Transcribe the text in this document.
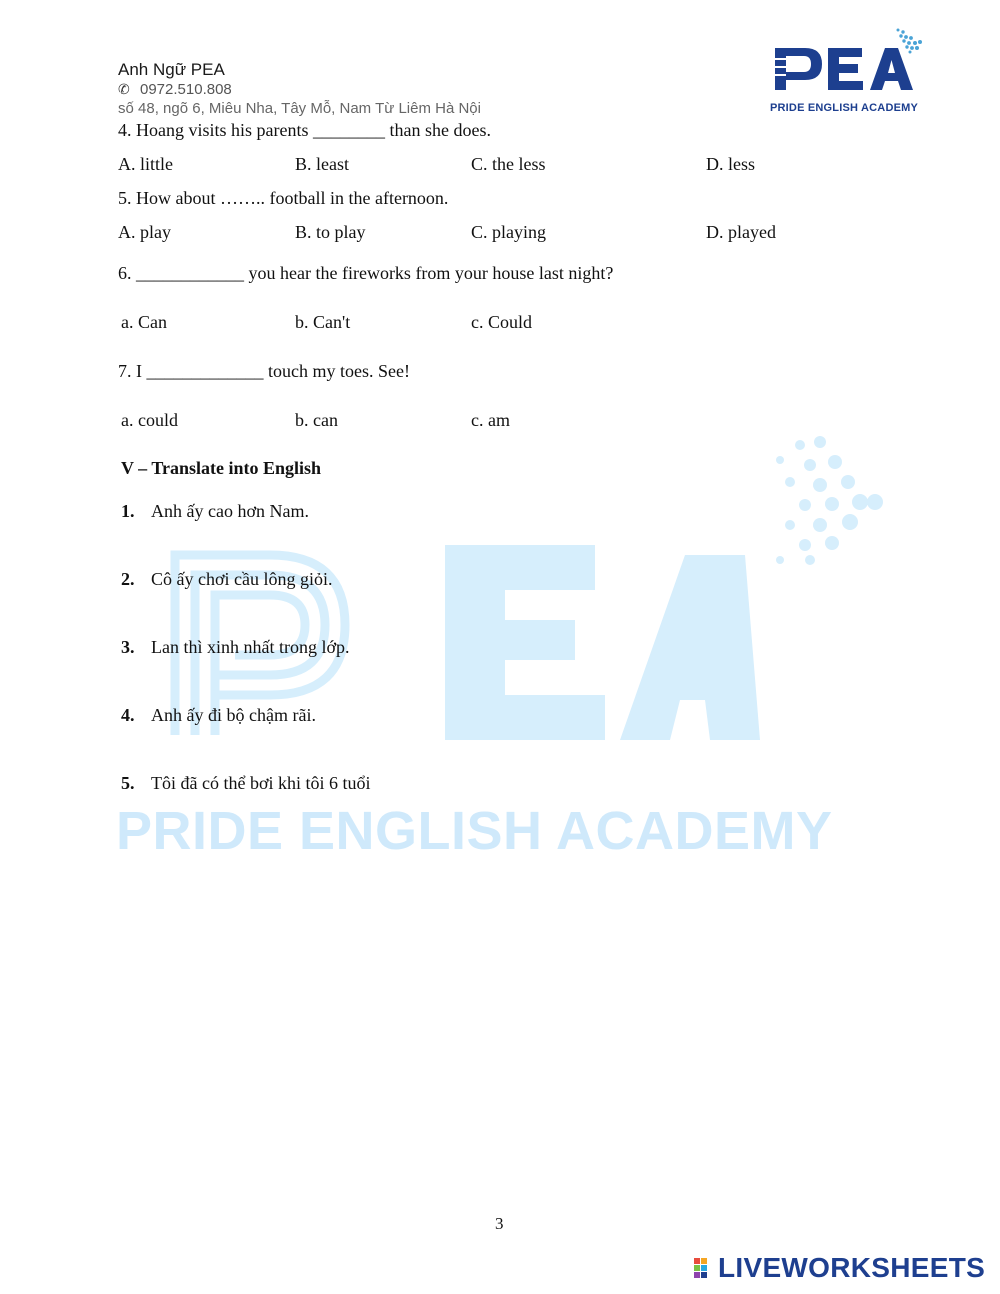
PRIDE ENGLISH ACADEMY
Anh Ngữ PEA
✆ 0972.510.808
số 48, ngõ 6, Miêu Nha, Tây Mỗ, Nam Từ Liêm Hà Nội	PRIDE ENGLISH ACADEMY
4. Hoang visits his parents ________ than she does.
A. little	B. least	C. the less	D. less
5. How about …….. football in the afternoon.
A. play	B. to play	C. playing	D. played
6. ____________ you hear the fireworks from your house last night?
a. Can	b. Can't	c. Could
7. I _____________ touch my toes. See!
a. could	b. can	c. am
V – Translate into English
1. Anh ấy cao hơn Nam.
2. Cô ấy chơi cầu lông giỏi.
3. Lan thì xinh nhất trong lớp.
4. Anh ấy đi bộ chậm rãi.
5. Tôi đã có thể bơi khi tôi 6 tuổi
3
LIVEWORKSHEETS
